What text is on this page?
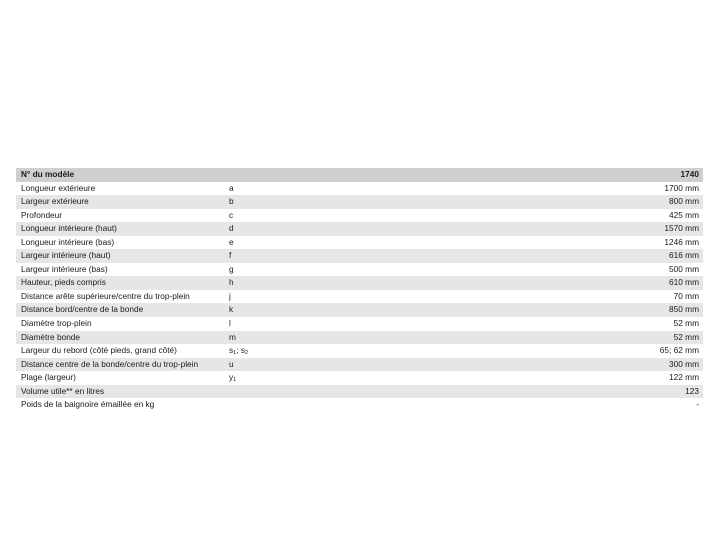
N° du modèle		1740
Longueur extérieure	a	1700 mm
Largeur extérieure	b	800 mm
Profondeur	c	425 mm
Longueur intérieure (haut)	d	1570 mm
Longueur intérieure (bas)	e	1246 mm
Largeur intérieure (haut)	f	616 mm
Largeur intérieure (bas)	g	500 mm
Hauteur, pieds compris	h	610 mm
Distance arête supérieure/centre du trop-plein	j	70 mm
Distance bord/centre de la bonde	k	850 mm
Diamètre trop-plein	l	52 mm
Diamètre bonde	m	52 mm
Largeur du rebord (côté pieds, grand côté)	$s_1$; $s_2$	65; 62 mm
Distance centre de la bonde/centre du trop-plein	u	300 mm
Plage (largeur)	$y_1$	122 mm
Volume utile** en litres		123
Poids de la baignoire émaillée en kg		-
